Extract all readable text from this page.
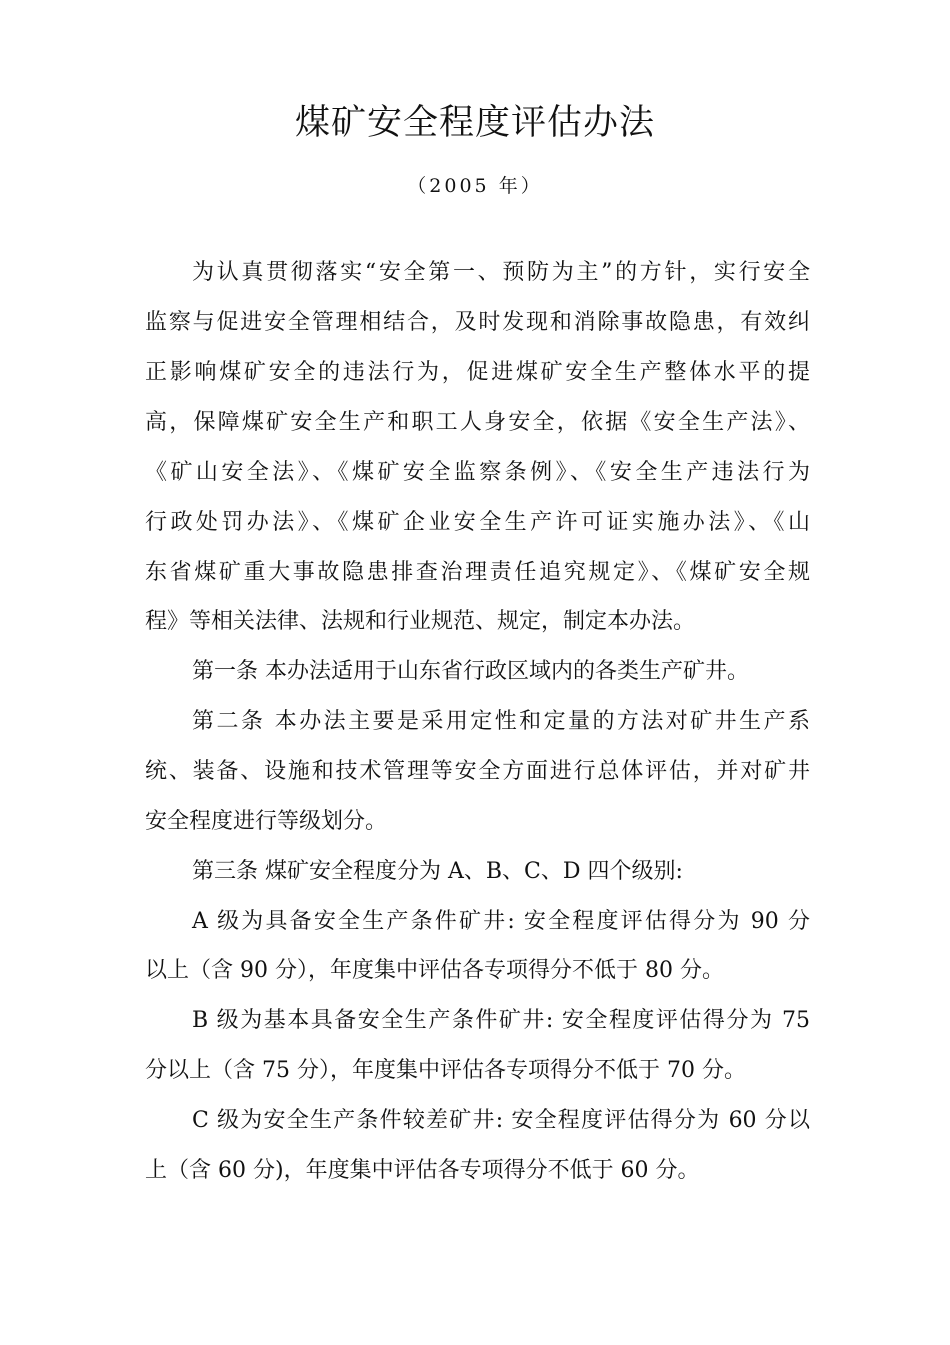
煤矿安全程度评估办法
（2005 年）
为认真贯彻落实“安全第一、预防为主”的方针，实行安全
监察与促进安全管理相结合，及时发现和消除事故隐患，有效纠
正影响煤矿安全的违法行为，促进煤矿安全生产整体水平的提
高，保障煤矿安全生产和职工人身安全，依据《安全生产法》、
《矿山安全法》、《煤矿安全监察条例》、《安全生产违法行为
行政处罚办法》、《煤矿企业安全生产许可证实施办法》、《山
东省煤矿重大事故隐患排查治理责任追究规定》、《煤矿安全规
程》等相关法律、法规和行业规范、规定，制定本办法。
第一条 本办法适用于山东省行政区域内的各类生产矿井。
第二条 本办法主要是采用定性和定量的方法对矿井生产系
统、装备、设施和技术管理等安全方面进行总体评估，并对矿井
安全程度进行等级划分。
第三条 煤矿安全程度分为 A、B、C、D 四个级别:
A 级为具备安全生产条件矿井: 安全程度评估得分为 90 分
以上（含 90 分），年度集中评估各专项得分不低于 80 分。
B 级为基本具备安全生产条件矿井: 安全程度评估得分为 75
分以上（含 75 分），年度集中评估各专项得分不低于 70 分。
C 级为安全生产条件较差矿井: 安全程度评估得分为 60 分以
上（含 60 分)，年度集中评估各专项得分不低于 60 分。
